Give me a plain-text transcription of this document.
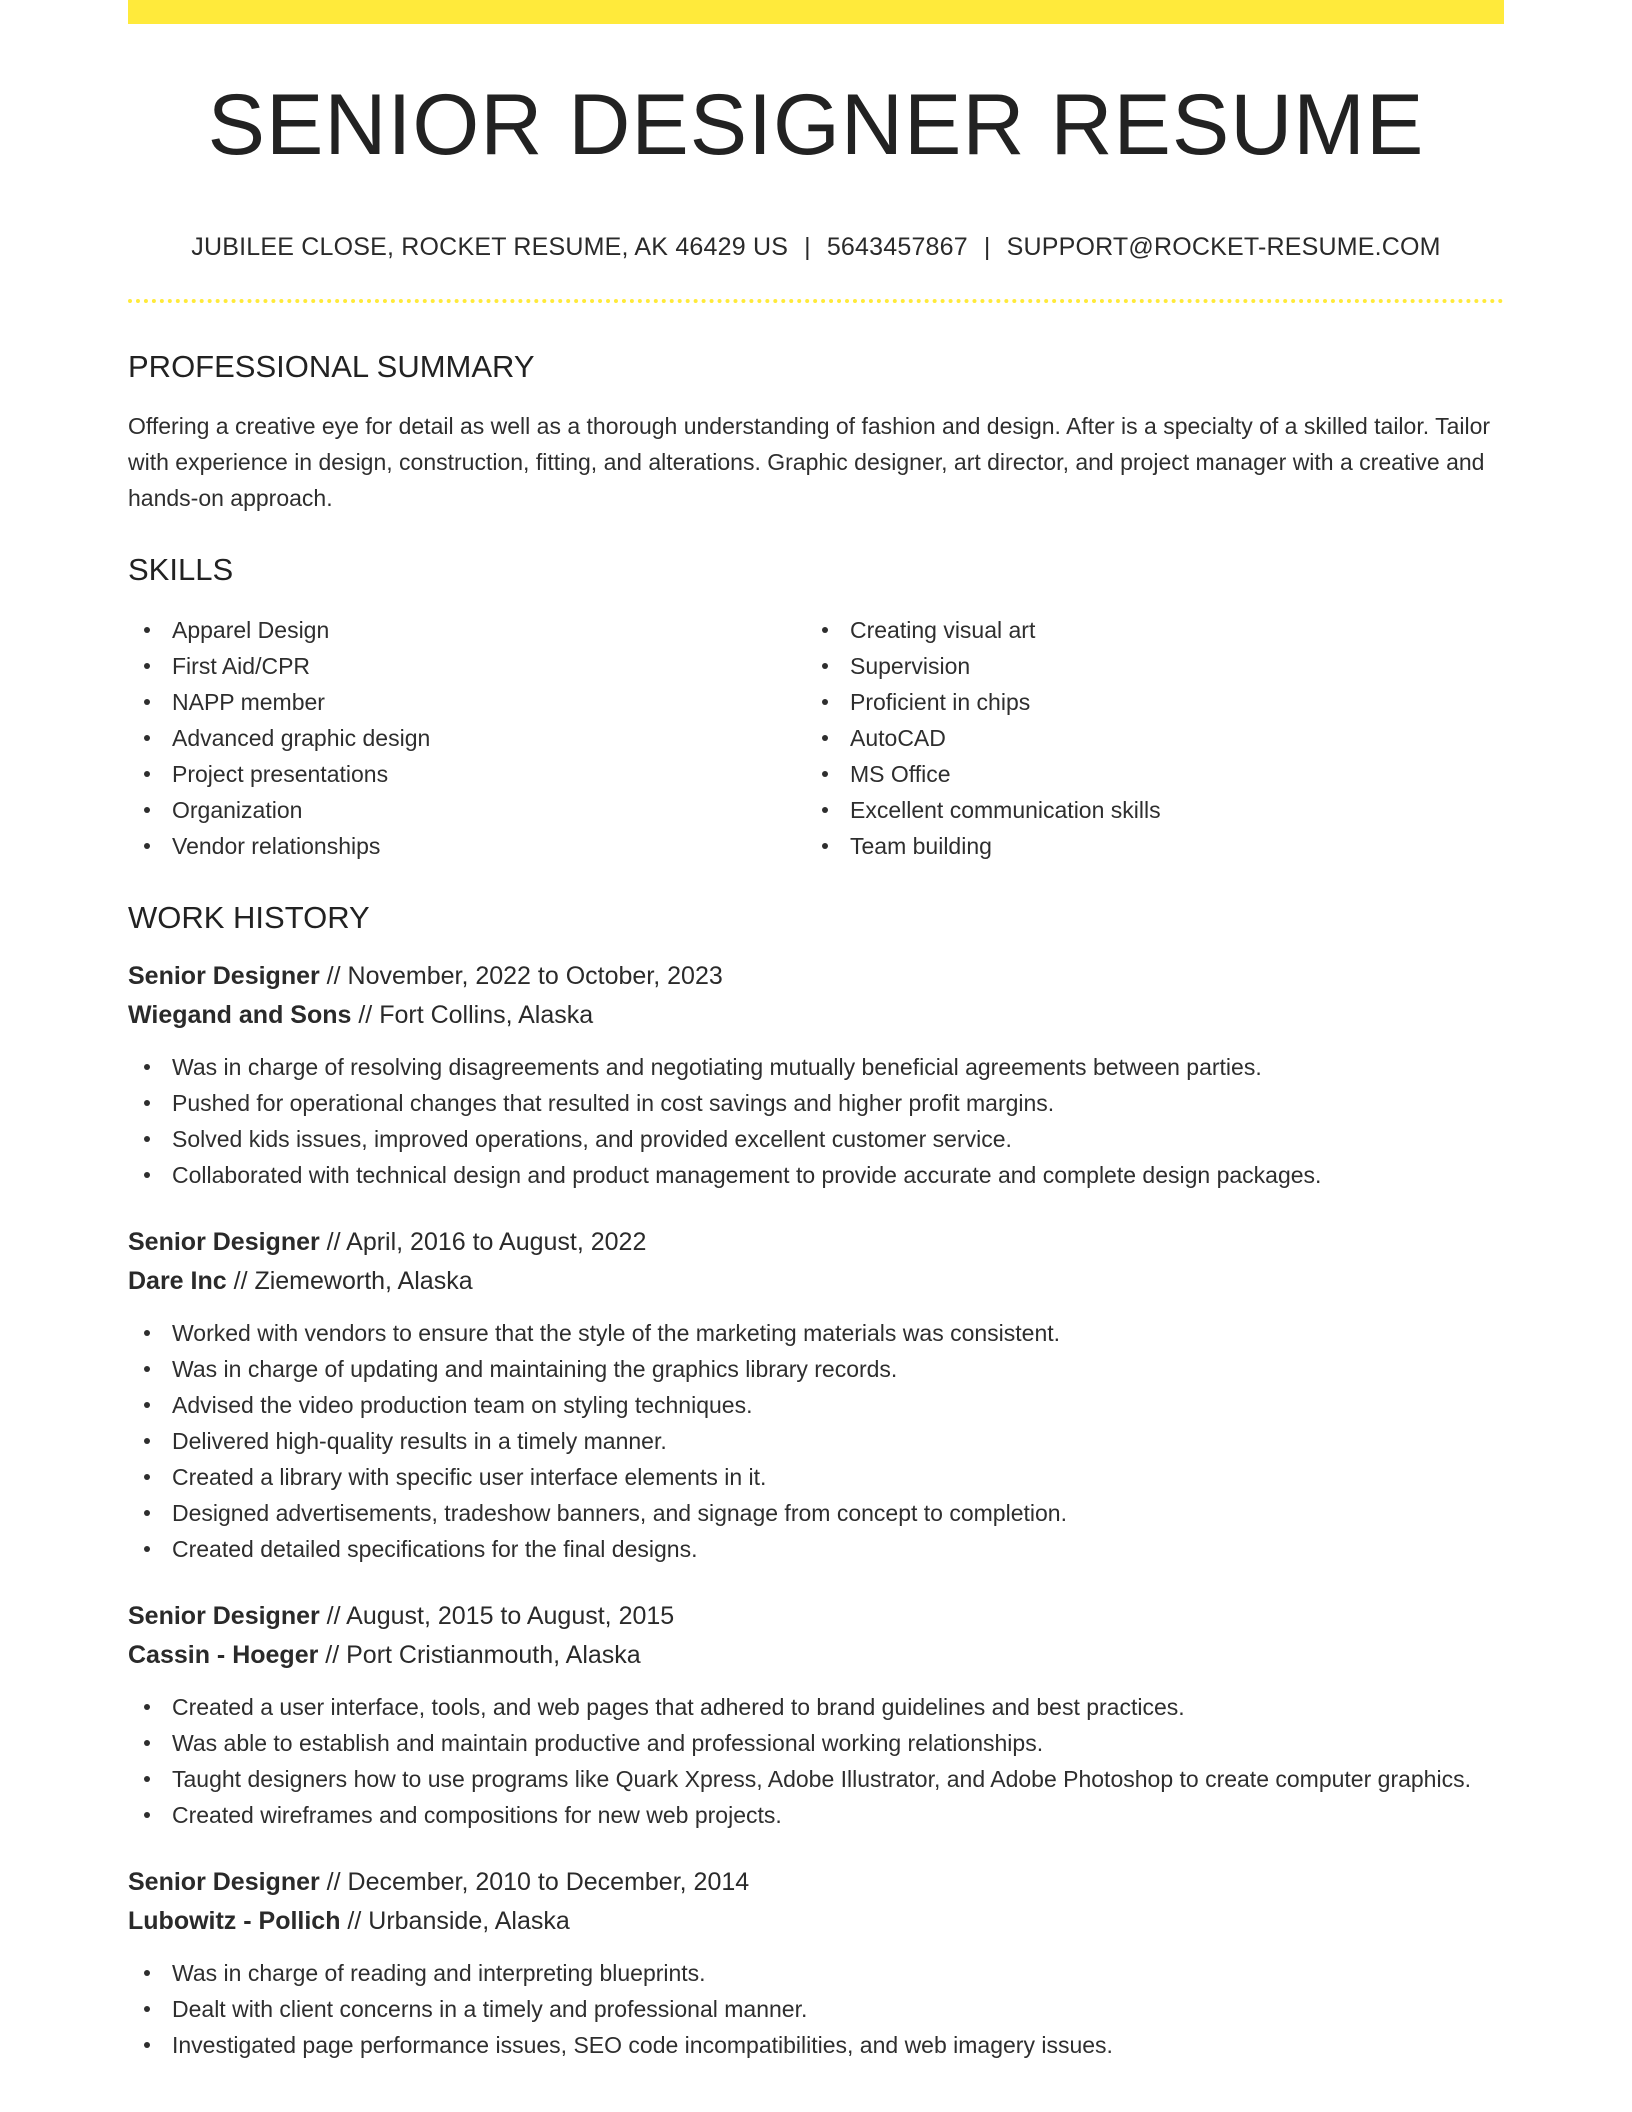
SENIOR DESIGNER RESUME
JUBILEE CLOSE, ROCKET RESUME, AK 46429 US | 5643457867 | SUPPORT@ROCKET-RESUME.COM
PROFESSIONAL SUMMARY

Offering a creative eye for detail as well as a thorough understanding of fashion and design. After is a specialty of a skilled tailor. Tailor with experience in design, construction, fitting, and alterations. Graphic designer, art director, and project manager with a creative and hands-on approach.

SKILLS
Apparel Design
First Aid/CPR
NAPP member
Advanced graphic design
Project presentations
Organization
Vendor relationships
Creating visual art
Supervision
Proficient in chips
AutoCAD
MS Office
Excellent communication skills
Team building
WORK HISTORY
Senior Designer // November, 2022 to October, 2023
Wiegand and Sons // Fort Collins, Alaska
Was in charge of resolving disagreements and negotiating mutually beneficial agreements between parties.
Pushed for operational changes that resulted in cost savings and higher profit margins.
Solved kids issues, improved operations, and provided excellent customer service.
Collaborated with technical design and product management to provide accurate and complete design packages.
Senior Designer // April, 2016 to August, 2022
Dare Inc // Ziemeworth, Alaska
Worked with vendors to ensure that the style of the marketing materials was consistent.
Was in charge of updating and maintaining the graphics library records.
Advised the video production team on styling techniques.
Delivered high-quality results in a timely manner.
Created a library with specific user interface elements in it.
Designed advertisements, tradeshow banners, and signage from concept to completion.
Created detailed specifications for the final designs.
Senior Designer // August, 2015 to August, 2015
Cassin - Hoeger // Port Cristianmouth, Alaska
Created a user interface, tools, and web pages that adhered to brand guidelines and best practices.
Was able to establish and maintain productive and professional working relationships.
Taught designers how to use programs like Quark Xpress, Adobe Illustrator, and Adobe Photoshop to create computer graphics.
Created wireframes and compositions for new web projects.
Senior Designer // December, 2010 to December, 2014
Lubowitz - Pollich // Urbanside, Alaska
Was in charge of reading and interpreting blueprints.
Dealt with client concerns in a timely and professional manner.
Investigated page performance issues, SEO code incompatibilities, and web imagery issues.
